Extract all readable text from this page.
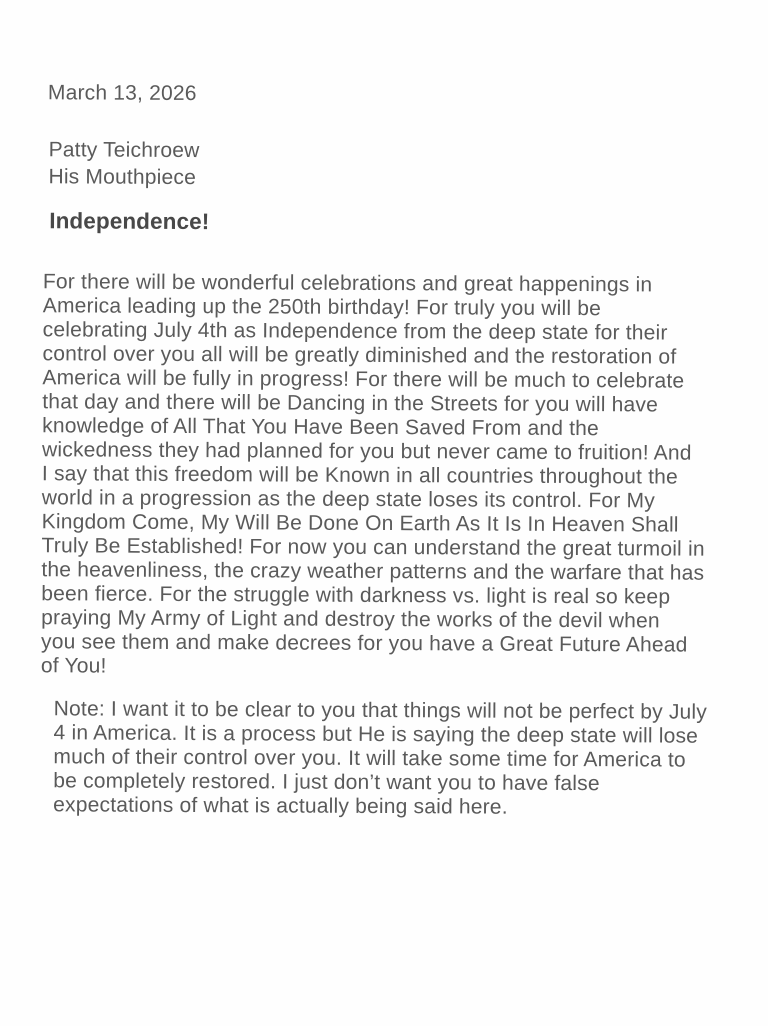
March 13, 2026
Patty Teichroew
His Mouthpiece
Independence!
For there will be wonderful celebrations and great happenings in
America leading up the 250th birthday! For truly you will be
celebrating July 4th as Independence from the deep state for their
control over you all will be greatly diminished and the restoration of
America will be fully in progress! For there will be much to celebrate
that day and there will be Dancing in the Streets for you will have
knowledge of All That You Have Been Saved From and the
wickedness they had planned for you but never came to fruition! And
I say that this freedom will be Known in all countries throughout the
world in a progression as the deep state loses its control. For My
Kingdom Come, My Will Be Done On Earth As It Is In Heaven Shall
Truly Be Established! For now you can understand the great turmoil in
the heavenliness, the crazy weather patterns and the warfare that has
been fierce. For the struggle with darkness vs. light is real so keep
praying My Army of Light and destroy the works of the devil when
you see them and make decrees for you have a Great Future Ahead
of You!
Note: I want it to be clear to you that things will not be perfect by July
4 in America. It is a process but He is saying the deep state will lose
much of their control over you. It will take some time for America to
be completely restored. I just don’t want you to have false
expectations of what is actually being said here.
